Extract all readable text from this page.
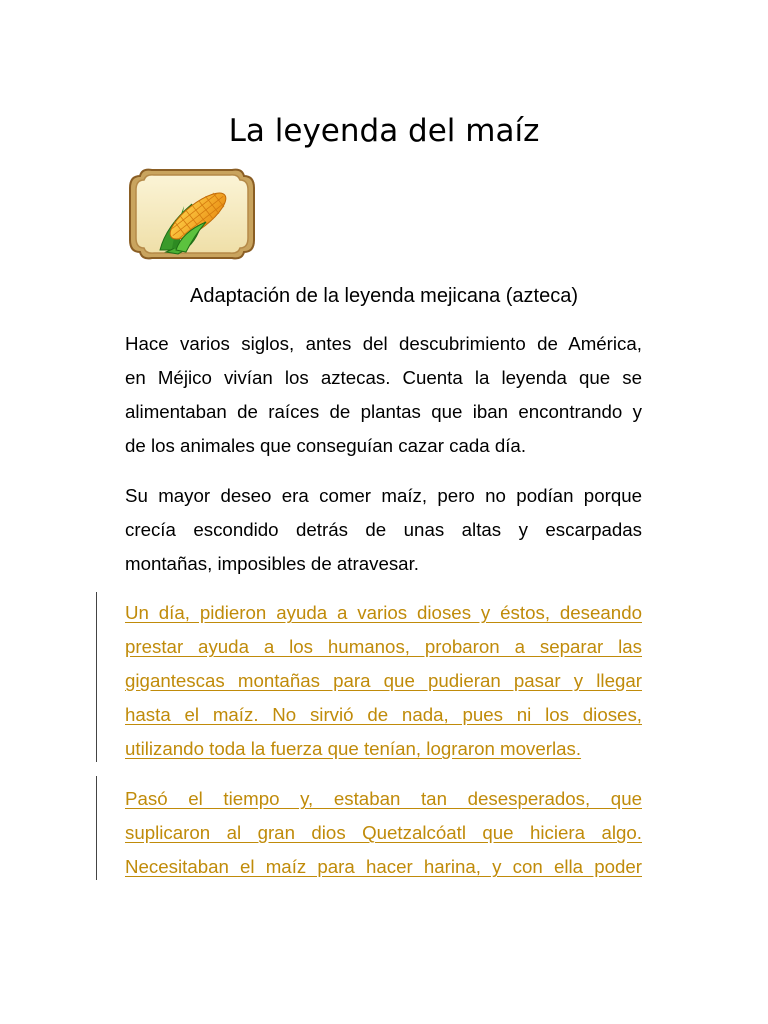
La leyenda del maíz

Adaptación de la leyenda mejicana (azteca)

Hace varios siglos, antes del descubrimiento de América,
en Méjico vivían los aztecas. Cuenta la leyenda que se
alimentaban de raíces de plantas que iban encontrando y
de los animales que conseguían cazar cada día.

Su mayor deseo era comer maíz, pero no podían porque
crecía escondido detrás de unas altas y escarpadas
montañas, imposibles de atravesar.

Un día, pidieron ayuda a varios dioses y éstos, deseando
prestar ayuda a los humanos, probaron a separar las
gigantescas montañas para que pudieran pasar y llegar
hasta el maíz. No sirvió de nada, pues ni los dioses,
utilizando toda la fuerza que tenían, lograron moverlas.

Pasó el tiempo y, estaban tan desesperados, que
suplicaron al gran dios Quetzalcóatl que hiciera algo.
Necesitaban el maíz para hacer harina, y con ella poder
